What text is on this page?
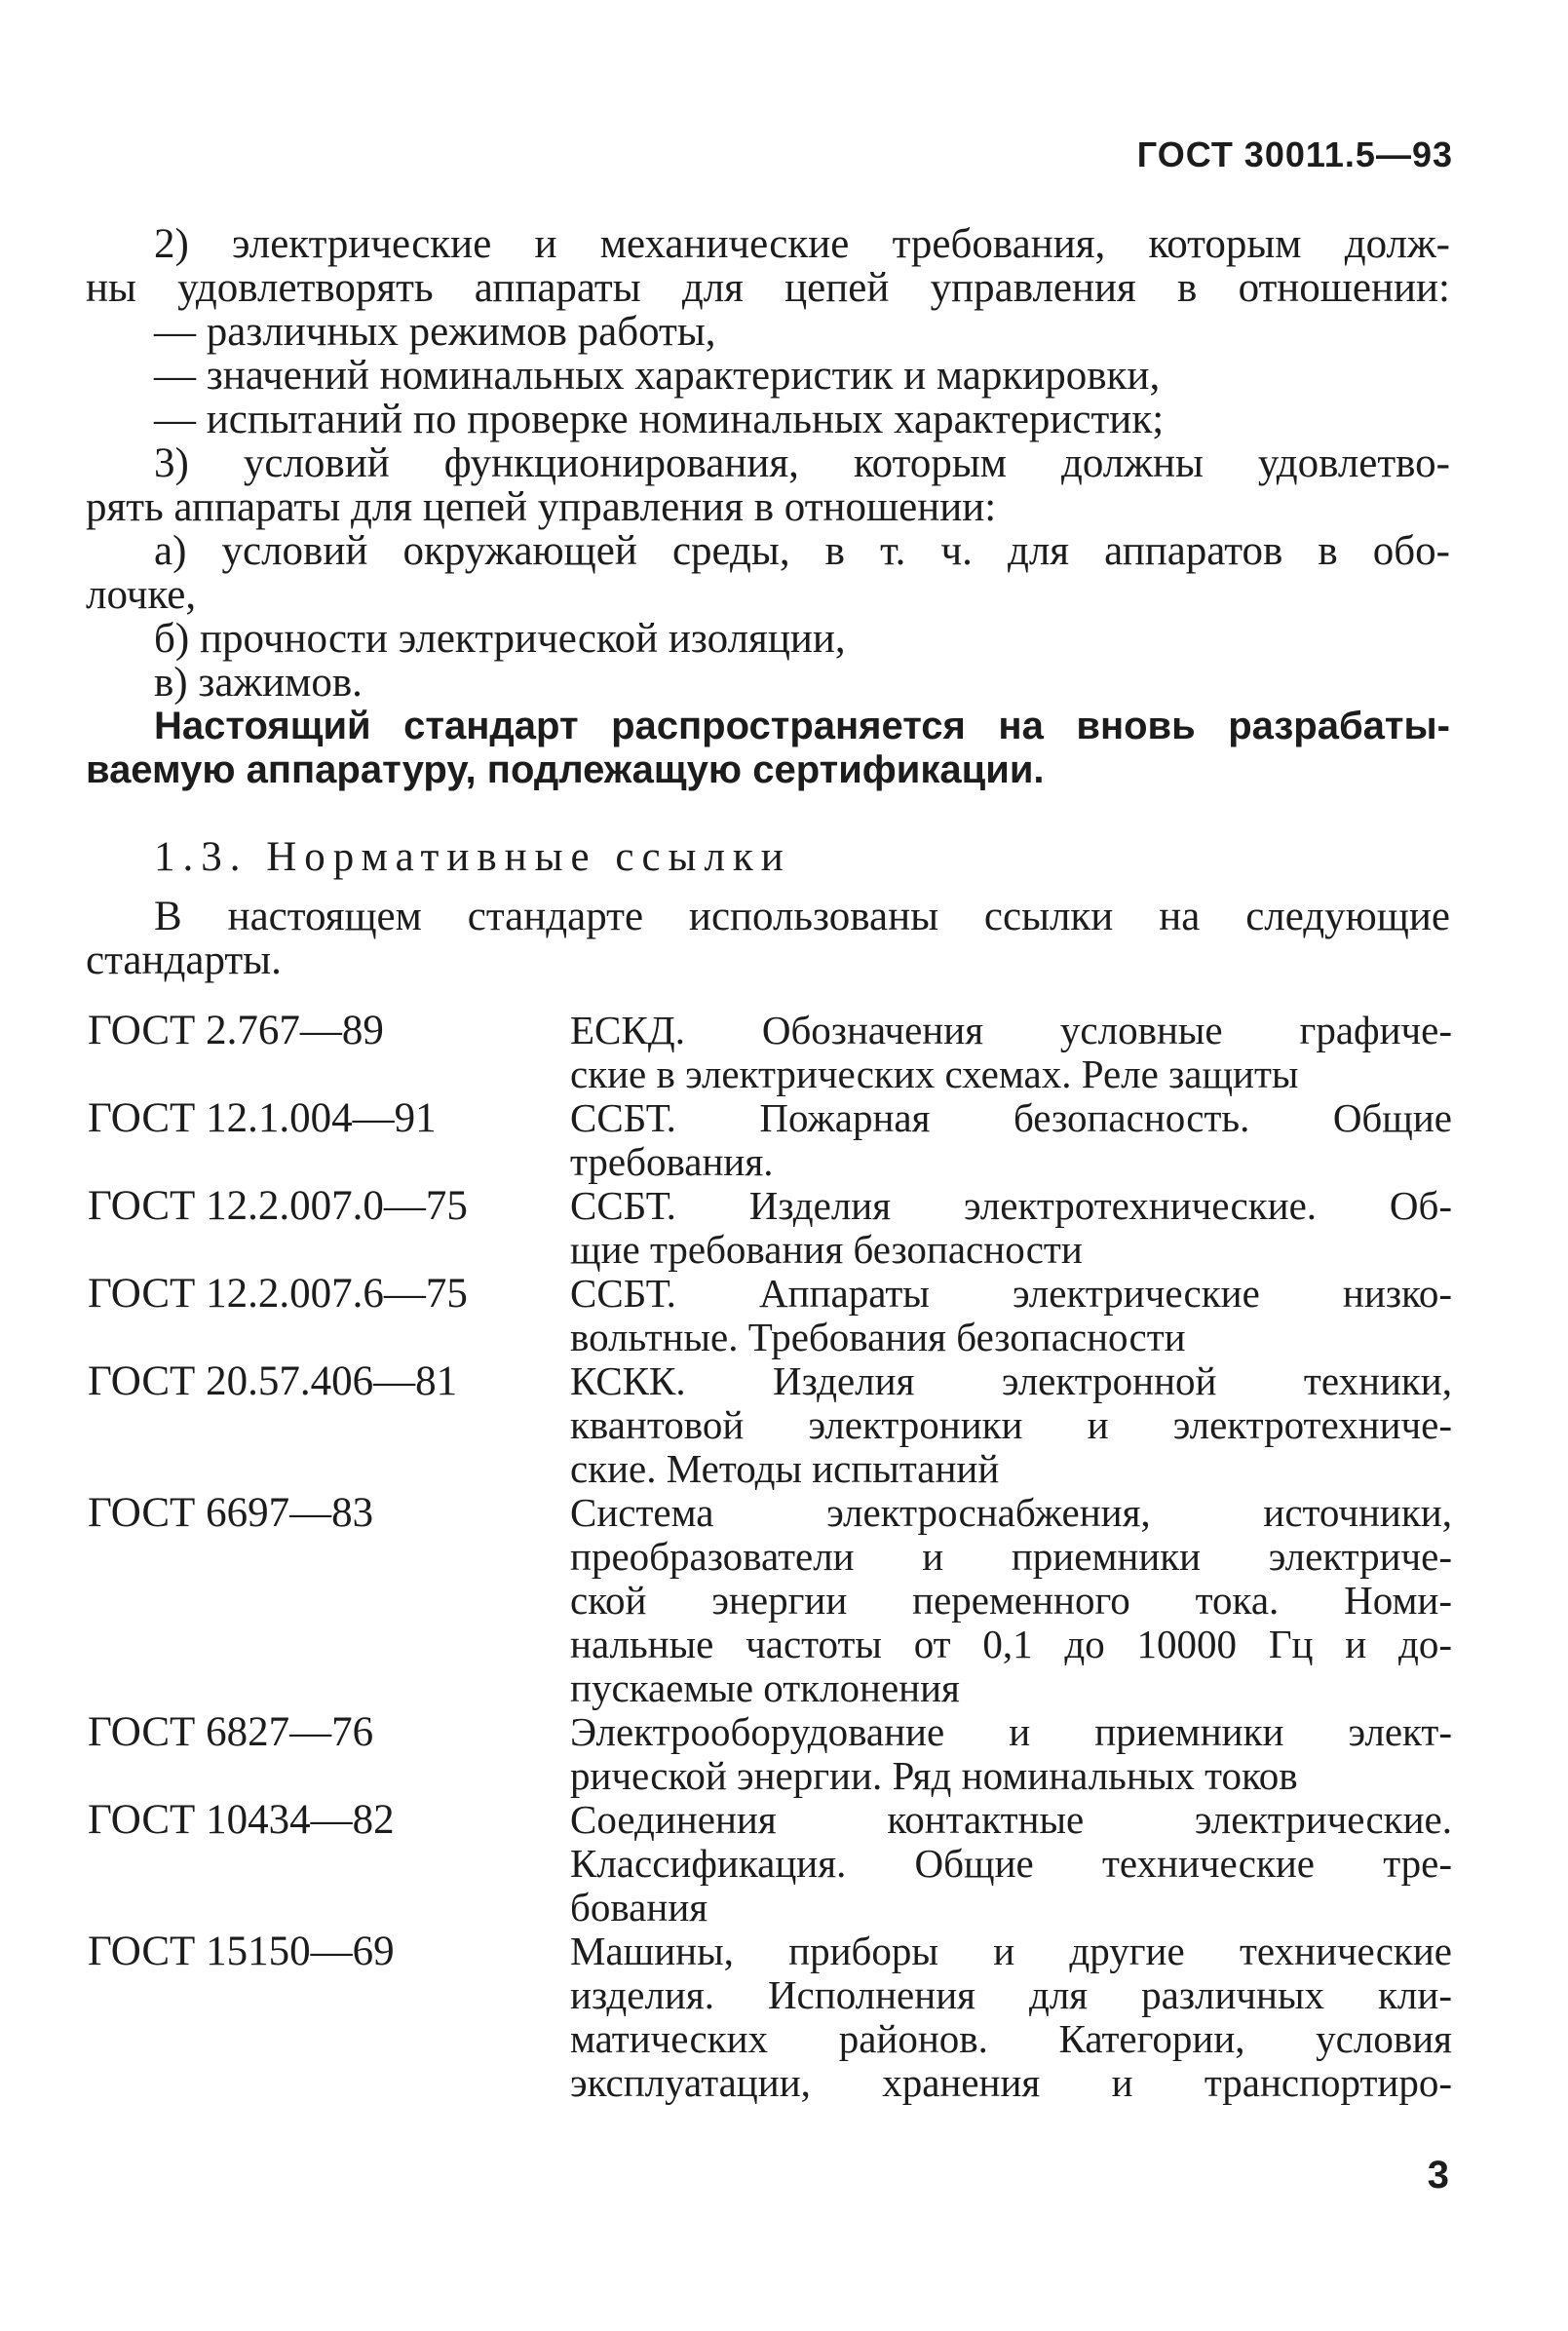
ГОСТ 30011.5—93
2) электрические и механические требования, которым долж-
ны удовлетворять аппараты для цепей управления в отношении:
— различных режимов работы,
— значений номинальных характеристик и маркировки,
— испытаний по проверке номинальных характеристик;
3) условий функционирования, которым должны удовлетво-
рять аппараты для цепей управления в отношении:
а) условий окружающей среды, в т. ч. для аппаратов в обо-
лочке,
б) прочности электрической изоляции,
в) зажимов.
Настоящий стандарт распространяется на вновь разрабаты-
ваемую аппаратуру, подлежащую сертификации.
1.3. Нормативные ссылки
В настоящем стандарте использованы ссылки на следующие
стандарты.
ГОСТ 2.767—89	ЕСКД. Обозначения условные графиче-
ские в электрических схемах. Реле защиты
ГОСТ 12.1.004—91	ССБТ. Пожарная безопасность. Общие
требования.
ГОСТ 12.2.007.0—75	ССБТ. Изделия электротехнические. Об-
щие требования безопасности
ГОСТ 12.2.007.6—75	ССБТ. Аппараты электрические низко-
вольтные. Требования безопасности
ГОСТ 20.57.406—81	КСКК. Изделия электронной техники,
квантовой электроники и электротехниче-
ские. Методы испытаний
ГОСТ 6697—83	Система электроснабжения, источники,
преобразователи и приемники электриче-
ской энергии переменного тока. Номи-
нальные частоты от 0,1 до 10000 Гц и до-
пускаемые отклонения
ГОСТ 6827—76	Электрооборудование и приемники элект-
рической энергии. Ряд номинальных токов
ГОСТ 10434—82	Соединения контактные электрические.
Классификация. Общие технические тре-
бования
ГОСТ 15150—69	Машины, приборы и другие технические
изделия. Исполнения для различных кли-
матических районов. Категории, условия
эксплуатации, хранения и транспортиро-
3
